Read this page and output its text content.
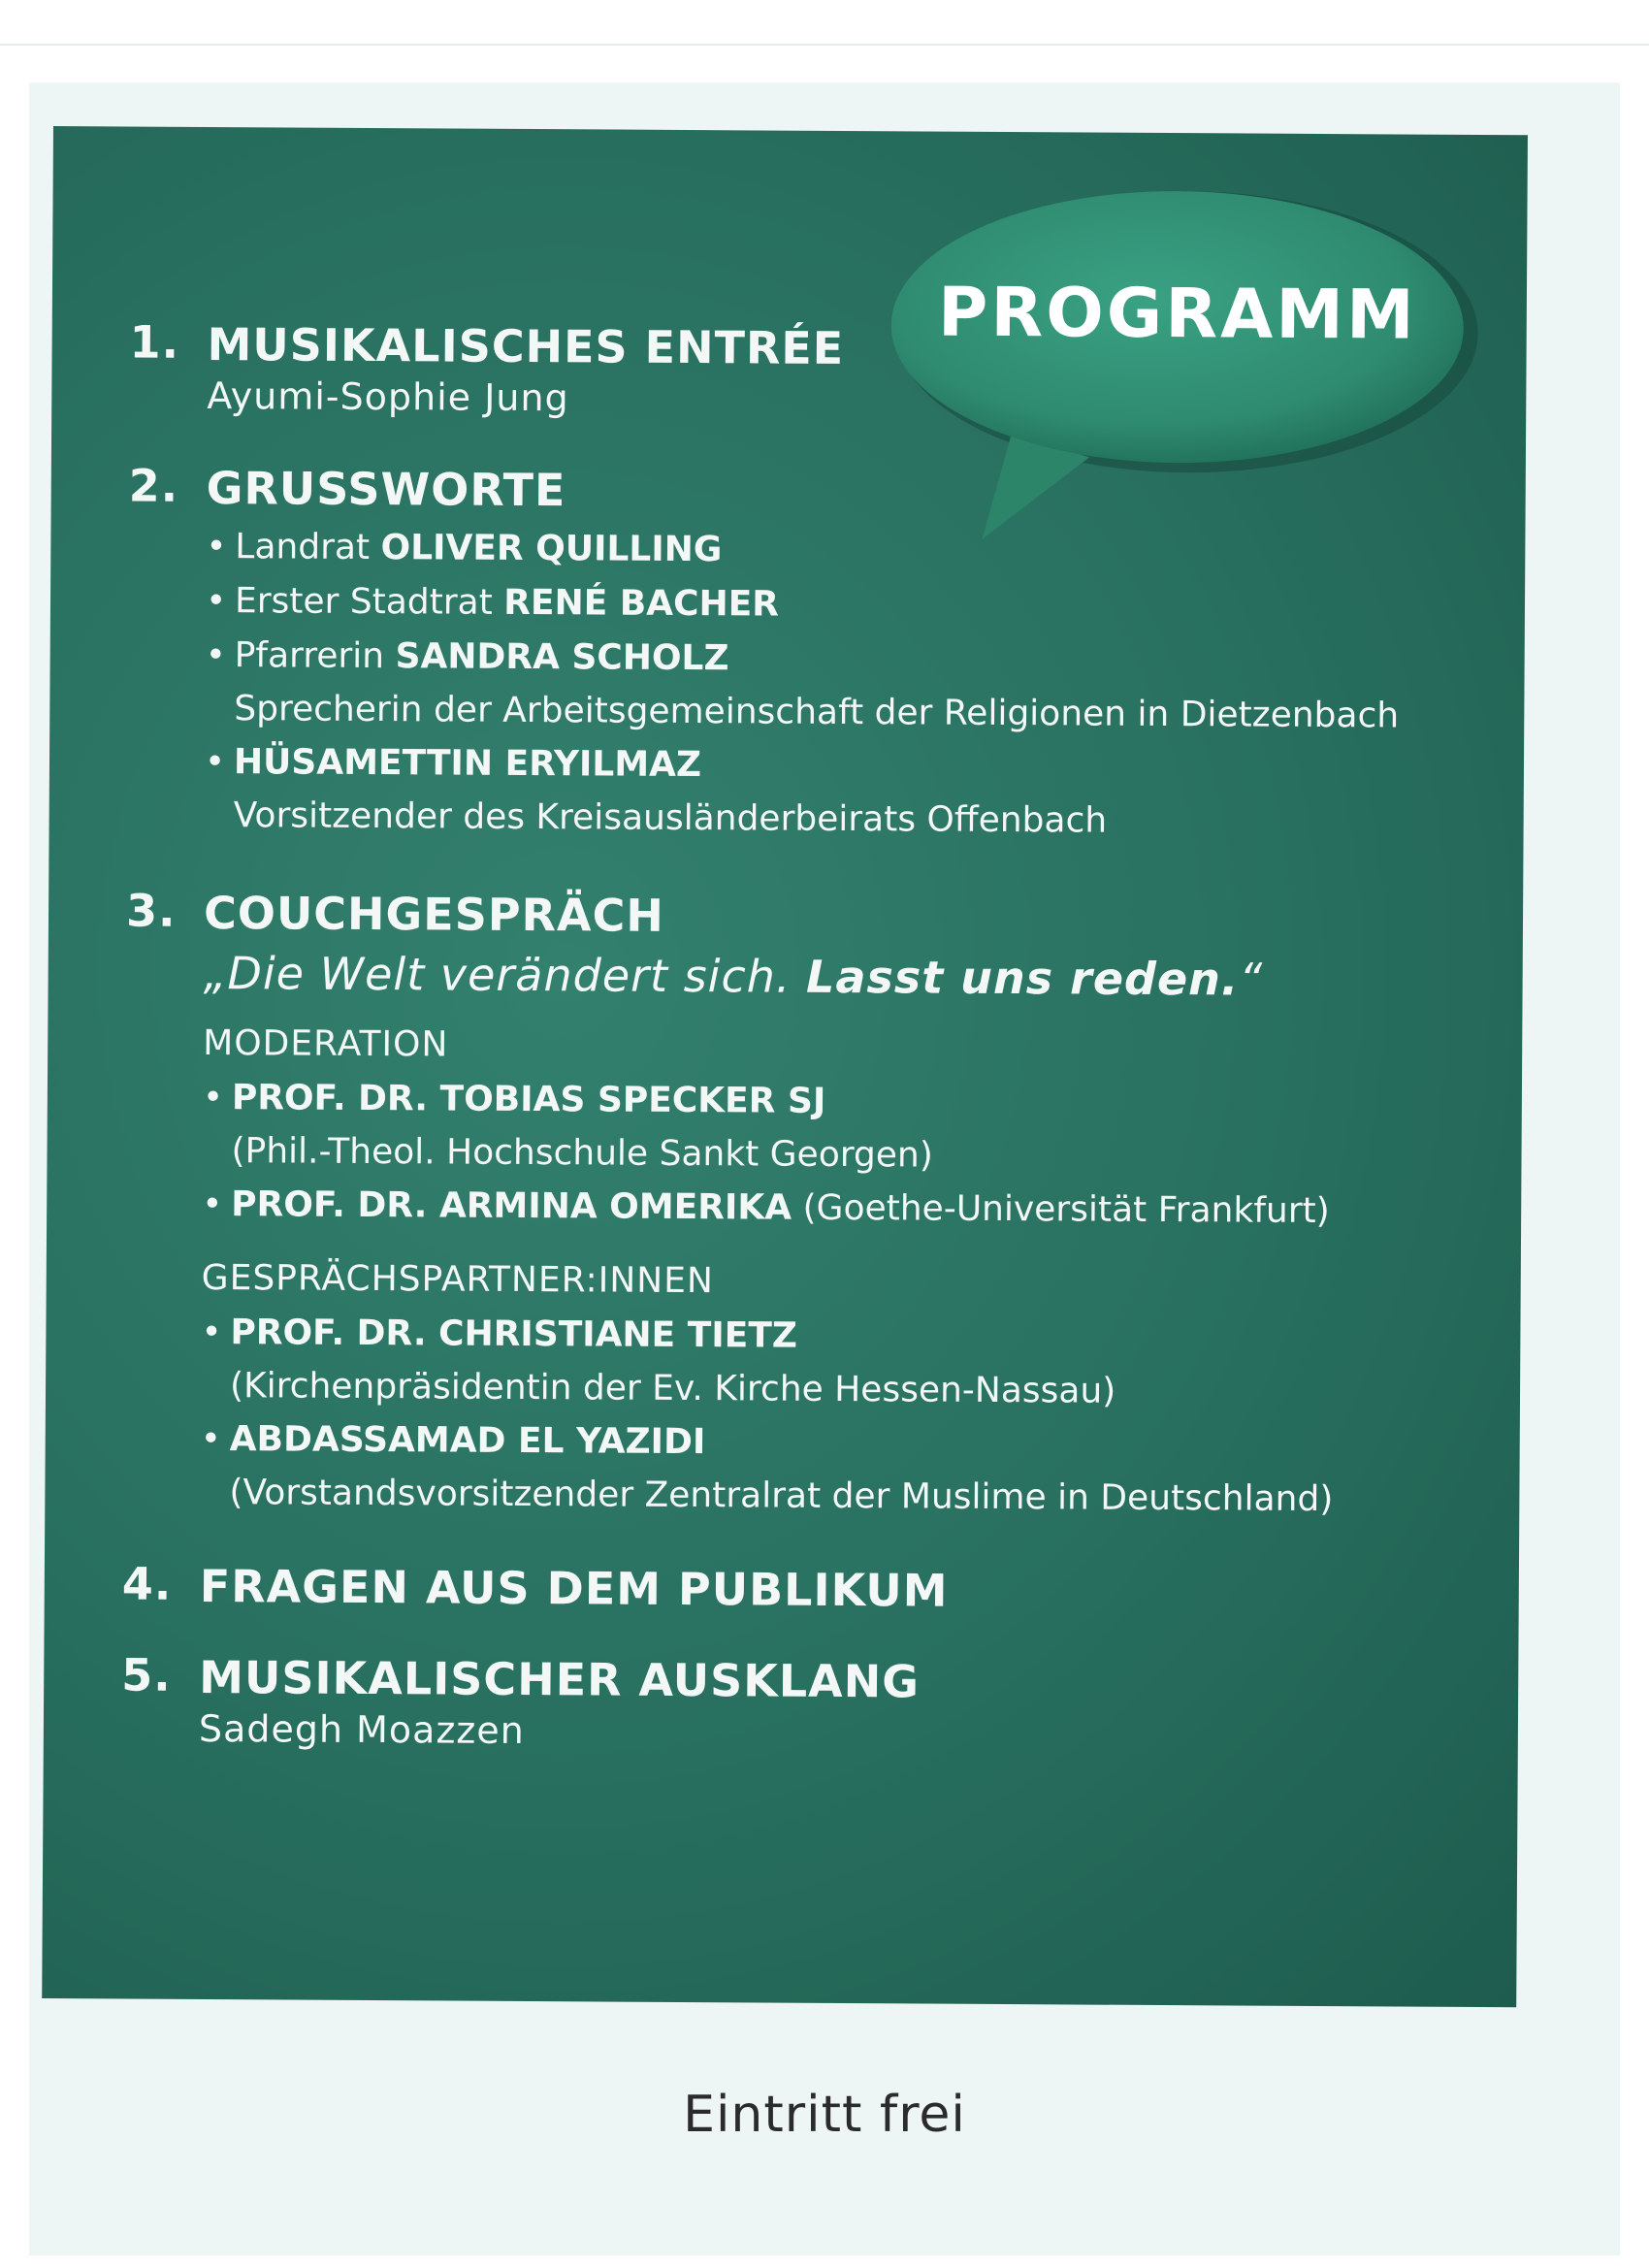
PROGRAMM
1. MUSIKALISCHES ENTRÉE
Ayumi-Sophie Jung
2. GRUSSWORTE
• Landrat OLIVER QUILLING
• Erster Stadtrat RENÉ BACHER
• Pfarrerin SANDRA SCHOLZ
Sprecherin der Arbeitsgemeinschaft der Religionen in Dietzenbach
• HÜSAMETTIN ERYILMAZ
Vorsitzender des Kreisausländerbeirats Offenbach
3. COUCHGESPRÄCH
„Die Welt verändert sich. Lasst uns reden.“
MODERATION
• PROF. DR. TOBIAS SPECKER SJ
(Phil.-Theol. Hochschule Sankt Georgen)
• PROF. DR. ARMINA OMERIKA (Goethe-Universität Frankfurt)
GESPRÄCHSPARTNER:INNEN
• PROF. DR. CHRISTIANE TIETZ
(Kirchenpräsidentin der Ev. Kirche Hessen-Nassau)
• ABDASSAMAD EL YAZIDI
(Vorstandsvorsitzender Zentralrat der Muslime in Deutschland)
4. FRAGEN AUS DEM PUBLIKUM
5. MUSIKALISCHER AUSKLANG
Sadegh Moazzen
Eintritt frei
